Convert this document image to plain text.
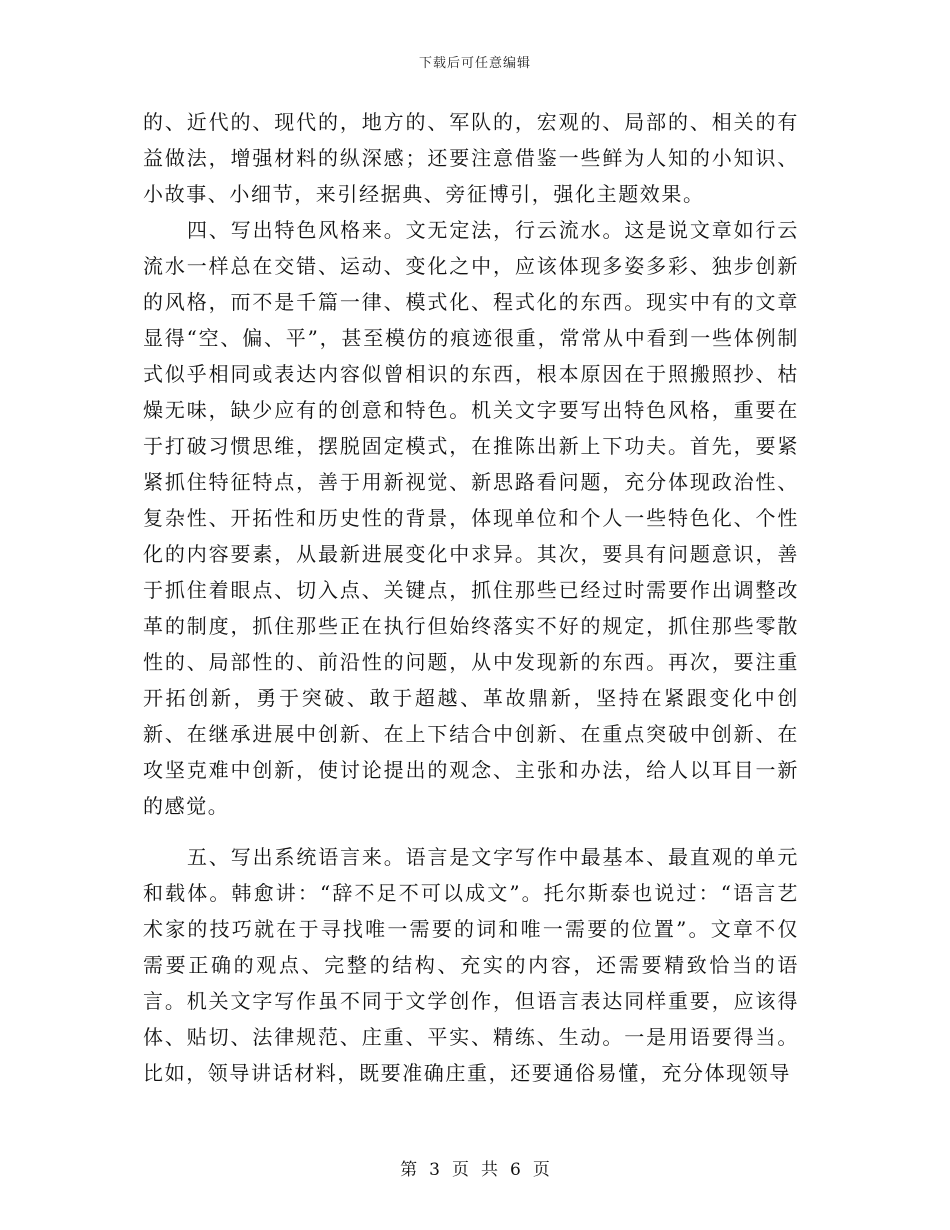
下载后可任意编辑

的、近代的、现代的，地方的、军队的，宏观的、局部的、相关的有益做法，增强材料的纵深感；还要注意借鉴一些鲜为人知的小知识、小故事、小细节，来引经据典、旁征博引，强化主题效果。

四、写出特色风格来。文无定法，行云流水。这是说文章如行云流水一样总在交错、运动、变化之中，应该体现多姿多彩、独步创新的风格，而不是千篇一律、模式化、程式化的东西。现实中有的文章显得“空、偏、平”，甚至模仿的痕迹很重，常常从中看到一些体例制式似乎相同或表达内容似曾相识的东西，根本原因在于照搬照抄、枯燥无味，缺少应有的创意和特色。机关文字要写出特色风格，重要在于打破习惯思维，摆脱固定模式，在推陈出新上下功夫。首先，要紧紧抓住特征特点，善于用新视觉、新思路看问题，充分体现政治性、复杂性、开拓性和历史性的背景，体现单位和个人一些特色化、个性化的内容要素，从最新进展变化中求异。其次，要具有问题意识，善于抓住着眼点、切入点、关键点，抓住那些已经过时需要作出调整改革的制度，抓住那些正在执行但始终落实不好的规定，抓住那些零散性的、局部性的、前沿性的问题，从中发现新的东西。再次，要注重开拓创新，勇于突破、敢于超越、革故鼎新，坚持在紧跟变化中创新、在继承进展中创新、在上下结合中创新、在重点突破中创新、在攻坚克难中创新，使讨论提出的观念、主张和办法，给人以耳目一新的感觉。

五、写出系统语言来。语言是文字写作中最基本、最直观的单元和载体。韩愈讲：“辞不足不可以成文”。托尔斯泰也说过：“语言艺术家的技巧就在于寻找唯一需要的词和唯一需要的位置”。文章不仅需要正确的观点、完整的结构、充实的内容，还需要精致恰当的语言。机关文字写作虽不同于文学创作，但语言表达同样重要，应该得体、贴切、法律规范、庄重、平实、精练、生动。一是用语要得当。比如，领导讲话材料，既要准确庄重，还要通俗易懂，充分体现领导

第 3 页 共 6 页
